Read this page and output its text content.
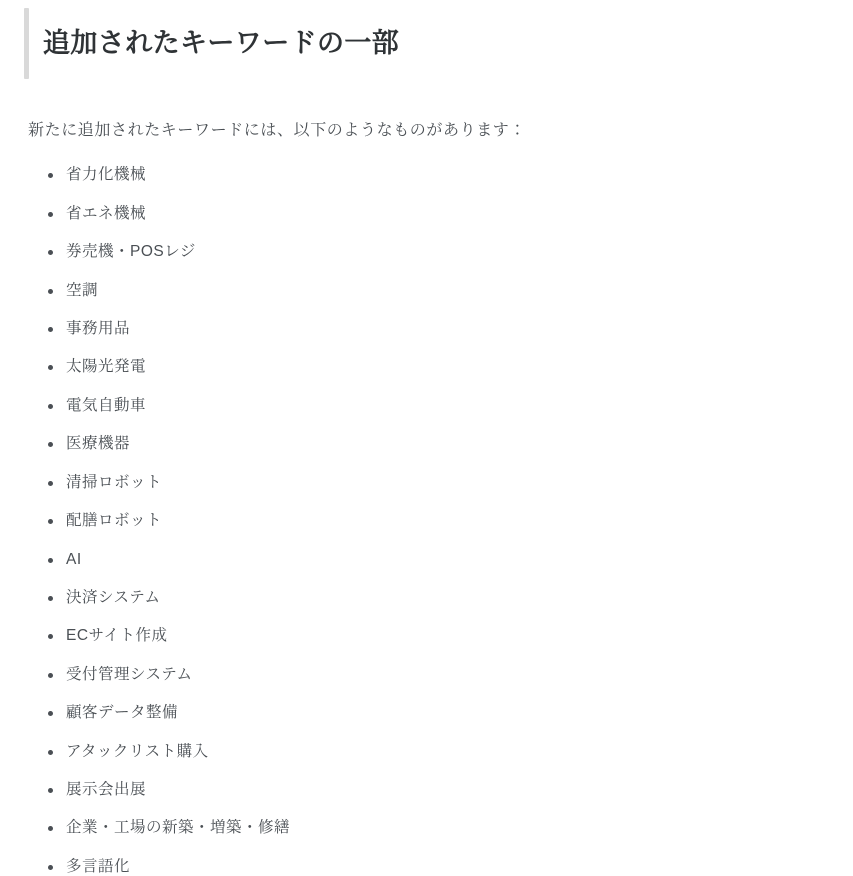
追加されたキーワードの一部

新たに追加されたキーワードには、以下のようなものがあります：

省力化機械
省エネ機械
券売機・POSレジ
空調
事務用品
太陽光発電
電気自動車
医療機器
清掃ロボット
配膳ロボット
AI
決済システム
ECサイト作成
受付管理システム
顧客データ整備
アタックリスト購入
展示会出展
企業・工場の新築・増築・修繕
多言語化
